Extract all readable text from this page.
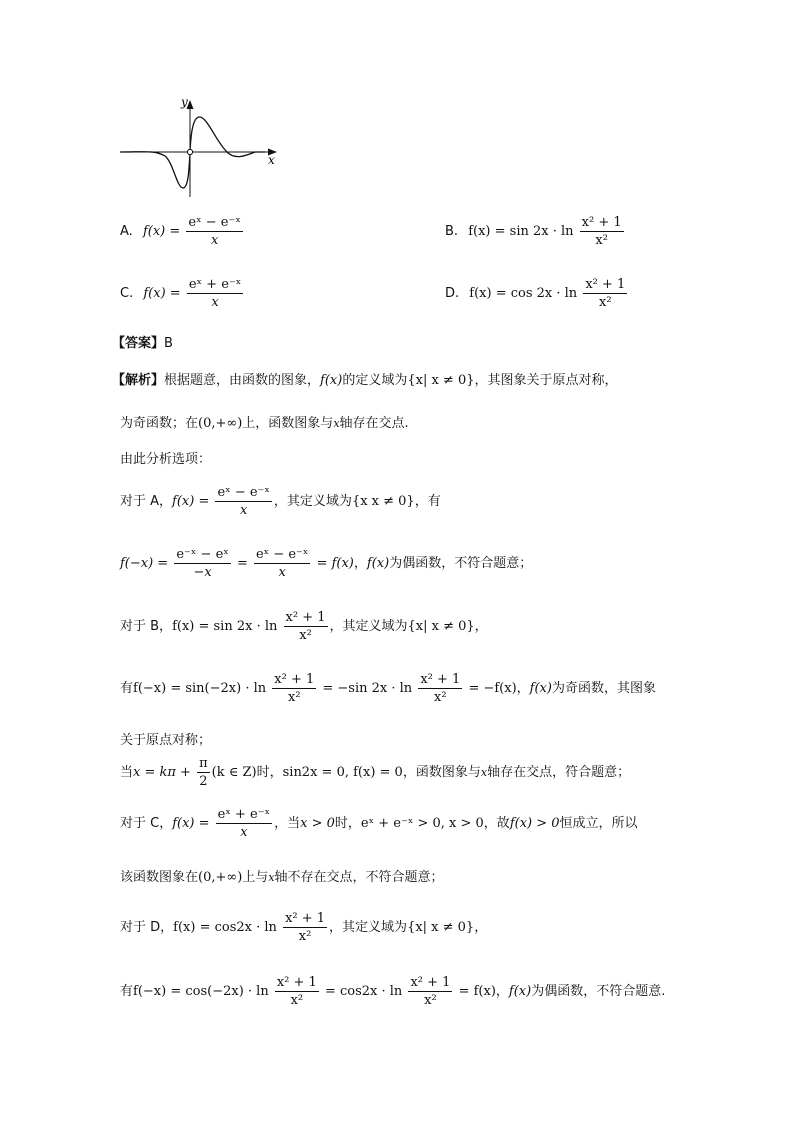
y
x
A. $f(x) = \frac{\text{eˣ − e⁻ˣ}}{x}$	B. $f(x) = \sin 2x \cdot \ln \frac{\text{x² + 1}}{\text{x²}}$
C. $f(x) = \frac{\text{eˣ + e⁻ˣ}}{x}$	D. $f(x) = \cos 2x \cdot \ln \frac{\text{x² + 1}}{\text{x²}}$
【答案】B
【解析】根据题意，由函数的图象，f(x)的定义域为{x| x ≠ 0}，其图象关于原点对称，
为奇函数；在(0,+∞)上，函数图象与x轴存在交点.
由此分析选项：
对于 A，$f(x) = \frac{\text{eˣ − e⁻ˣ}}{x}$ ，其定义域为{x x ≠ 0}，有
$f(-x) = \frac{\text{e⁻ˣ − eˣ}}{-x} = \frac{\text{eˣ − e⁻ˣ}}{x} = f(x)$，f(x)为偶函数，不符合题意；
对于 B，$f(x) = \sin 2x \cdot \ln \frac{\text{x² + 1}}{\text{x²}}$ ，其定义域为{x| x ≠ 0}，
有$f(-x) = \sin(-2x) \cdot \ln \frac{\text{x² + 1}}{\text{x²}} = -\sin$ $2x \cdot \ln \frac{\text{x² + 1}}{\text{x²}} = -f(x)$，f(x)为奇函数，其图象
关于原点对称；
当$x = k\pi + \frac{\pi}{2} (k$ ∈ Z)时，sin2x = 0, f(x) = 0，函数图象与x轴存在交点，符合题意；
对于 C，$f(x) = \frac{\text{eˣ + e⁻ˣ}}{x}$ ，当x > 0时，eˣ + e⁻ˣ > 0, x > 0，故f(x) > 0恒成立，所以
该函数图象在(0,+∞)上与x轴不存在交点，不符合题意；
对于 D，$f(x) = \cos 2x \cdot \ln \frac{\text{x² + 1}}{\text{x²}}$ ，其定义域为{x| x ≠ 0}，
有$f(-x) = \cos(-2x) \cdot \ln \frac{\text{x² + 1}}{\text{x²}} = \cos 2x \cdot \ln \frac{\text{x² + 1}}{\text{x²}} = f(x)$，f(x)为偶函数，不符合题意.
